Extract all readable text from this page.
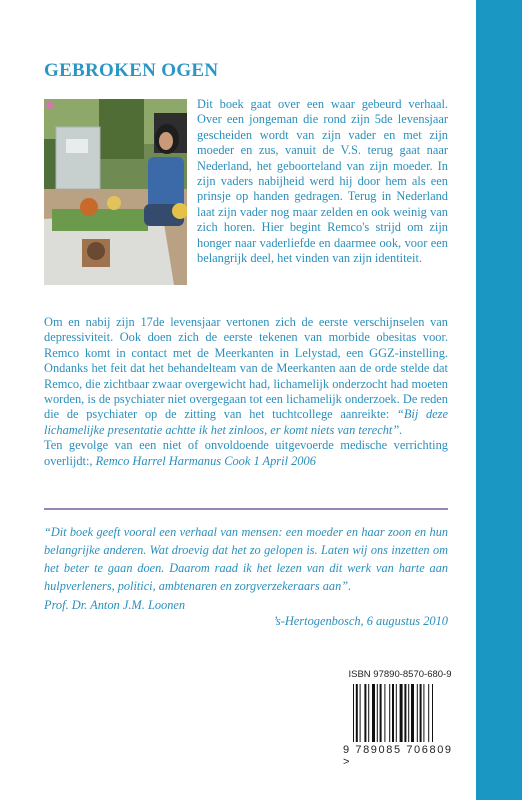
GEBROKEN OGEN

Dit boek gaat over een waar gebeurd verhaal. Over een jongeman die rond zijn 5de levensjaar gescheiden wordt van zijn vader en met zijn moeder en zus, vanuit de V.S. terug gaat naar Nederland, het geboorteland van zijn moeder. In zijn vaders nabijheid werd hij door hem als een prinsje op handen gedragen. Terug in Nederland laat zijn vader nog maar zelden en ook weinig van zich horen. Hier begint Remco's strijd om zijn honger naar vaderliefde en daarmee ook, voor een belangrijk deel, het vinden van zijn identiteit.

Om en nabij zijn 17de levensjaar vertonen zich de eerste verschijnselen van depressiviteit. Ook doen zich de eerste tekenen van morbide obesitas voor. Remco komt in contact met de Meerkanten in Lelystad, een GGZ-instelling. Ondanks het feit dat het behandelteam van de Meerkanten aan de orde stelde dat Remco, die zichtbaar zwaar overgewicht had, lichamelijk onderzocht had moeten worden, is de psychiater niet overgegaan tot een lichamelijk onderzoek. De reden die de psychiater op de zitting van het tuchtcollege aanreikte: “Bij deze lichamelijke presentatie achtte ik het zinloos, er komt niets van terecht”.
Ten gevolge van een niet of onvoldoende uitgevoerde medische verrichting overlijdt:, Remco Harrel Harmanus Cook 1 April 2006

“Dit boek geeft vooral een verhaal van mensen: een moeder en haar zoon en hun belangrijke anderen. Wat droevig dat het zo gelopen is. Laten wij ons inzetten om het beter te gaan doen. Daarom raad ik het lezen van dit werk van harte aan hulpverleners, politici, ambtenaren en zorgverzekeraars aan”.

Prof. Dr. Anton J.M. Loonen

’s-Hertogenbosch, 6 augustus 2010

ISBN 97890-8570-680-9
9 789085 706809 >
